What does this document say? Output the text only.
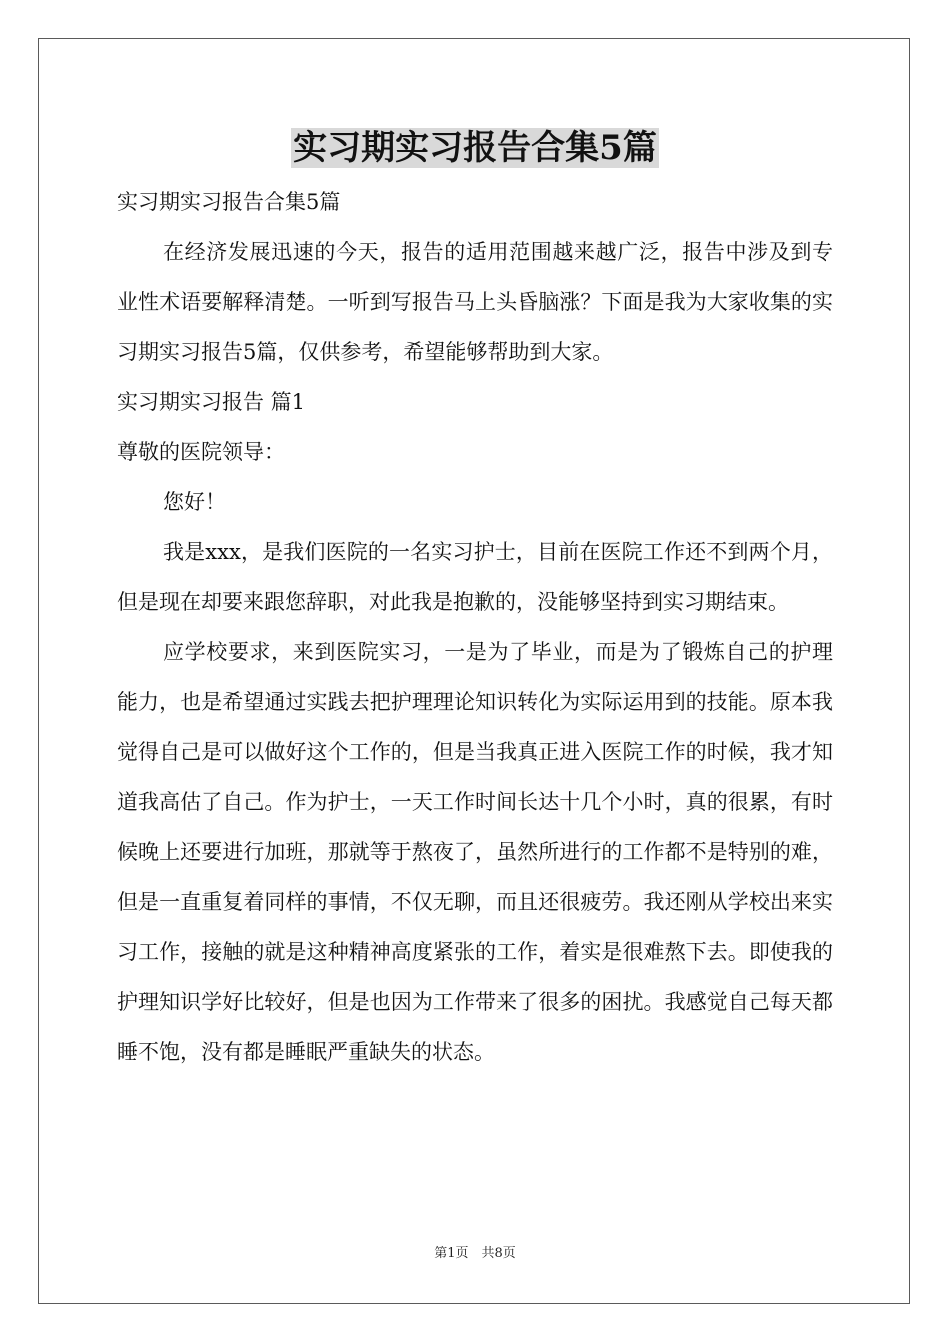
实习期实习报告合集5篇

实习期实习报告合集5篇

在经济发展迅速的今天，报告的适用范围越来越广泛，报告中涉及到专业性术语要解释清楚。一听到写报告马上头昏脑涨？下面是我为大家收集的实习期实习报告5篇，仅供参考，希望能够帮助到大家。

实习期实习报告 篇1

尊敬的医院领导：

您好！

我是xxx，是我们医院的一名实习护士，目前在医院工作还不到两个月，但是现在却要来跟您辞职，对此我是抱歉的，没能够坚持到实习期结束。

应学校要求，来到医院实习，一是为了毕业，而是为了锻炼自己的护理能力，也是希望通过实践去把护理理论知识转化为实际运用到的技能。原本我觉得自己是可以做好这个工作的，但是当我真正进入医院工作的时候，我才知道我高估了自己。作为护士，一天工作时间长达十几个小时，真的很累，有时候晚上还要进行加班，那就等于熬夜了，虽然所进行的工作都不是特别的难，但是一直重复着同样的事情，不仅无聊，而且还很疲劳。我还刚从学校出来实习工作，接触的就是这种精神高度紧张的工作，着实是很难熬下去。即使我的护理知识学好比较好，但是也因为工作带来了很多的困扰。我感觉自己每天都睡不饱，没有都是睡眠严重缺失的状态。

第1页　共8页
